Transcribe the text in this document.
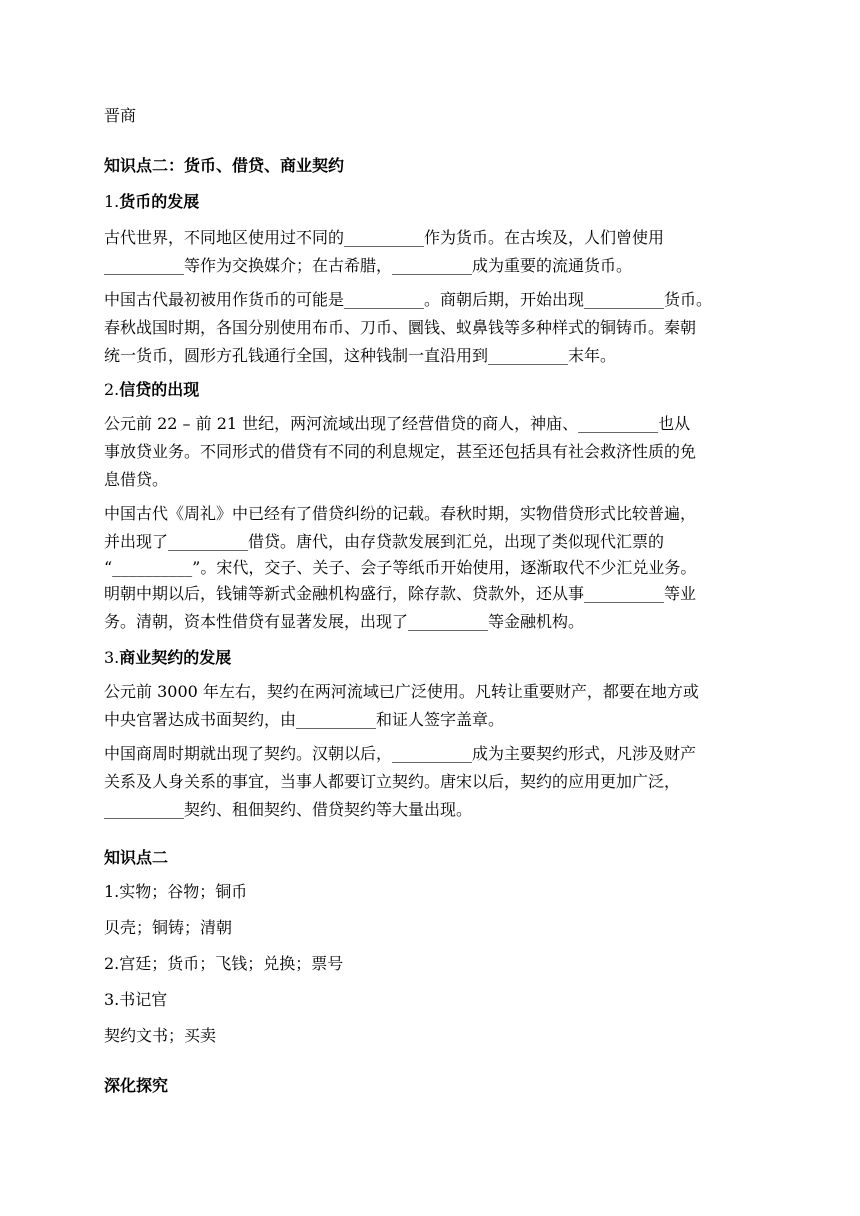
晋商
知识点二：货币、借贷、商业契约
1.货币的发展
古代世界，不同地区使用过不同的__________作为货币。在古埃及，人们曾使用
__________等作为交换媒介；在古希腊，__________成为重要的流通货币。
中国古代最初被用作货币的可能是__________。商朝后期，开始出现__________货币。
春秋战国时期，各国分别使用布币、刀币、圜钱、蚁鼻钱等多种样式的铜铸币。秦朝
统一货币，圆形方孔钱通行全国，这种钱制一直沿用到__________末年。
2.信贷的出现
公元前 22 – 前 21 世纪，两河流域出现了经营借贷的商人，神庙、__________也从
事放贷业务。不同形式的借贷有不同的利息规定，甚至还包括具有社会救济性质的免
息借贷。
中国古代《周礼》中已经有了借贷纠纷的记载。春秋时期，实物借贷形式比较普遍，
并出现了__________借贷。唐代，由存贷款发展到汇兑，出现了类似现代汇票的
“__________”。宋代，交子、关子、会子等纸币开始使用，逐渐取代不少汇兑业务。
明朝中期以后，钱铺等新式金融机构盛行，除存款、贷款外，还从事__________等业
务。清朝，资本性借贷有显著发展，出现了__________等金融机构。
3.商业契约的发展
公元前 3000 年左右，契约在两河流域已广泛使用。凡转让重要财产，都要在地方或
中央官署达成书面契约，由__________和证人签字盖章。
中国商周时期就出现了契约。汉朝以后，__________成为主要契约形式，凡涉及财产
关系及人身关系的事宜，当事人都要订立契约。唐宋以后，契约的应用更加广泛，
__________契约、租佃契约、借贷契约等大量出现。
知识点二
1.实物；谷物；铜币
贝壳；铜铸；清朝
2.宫廷；货币；飞钱；兑换；票号
3.书记官
契约文书；买卖
深化探究
